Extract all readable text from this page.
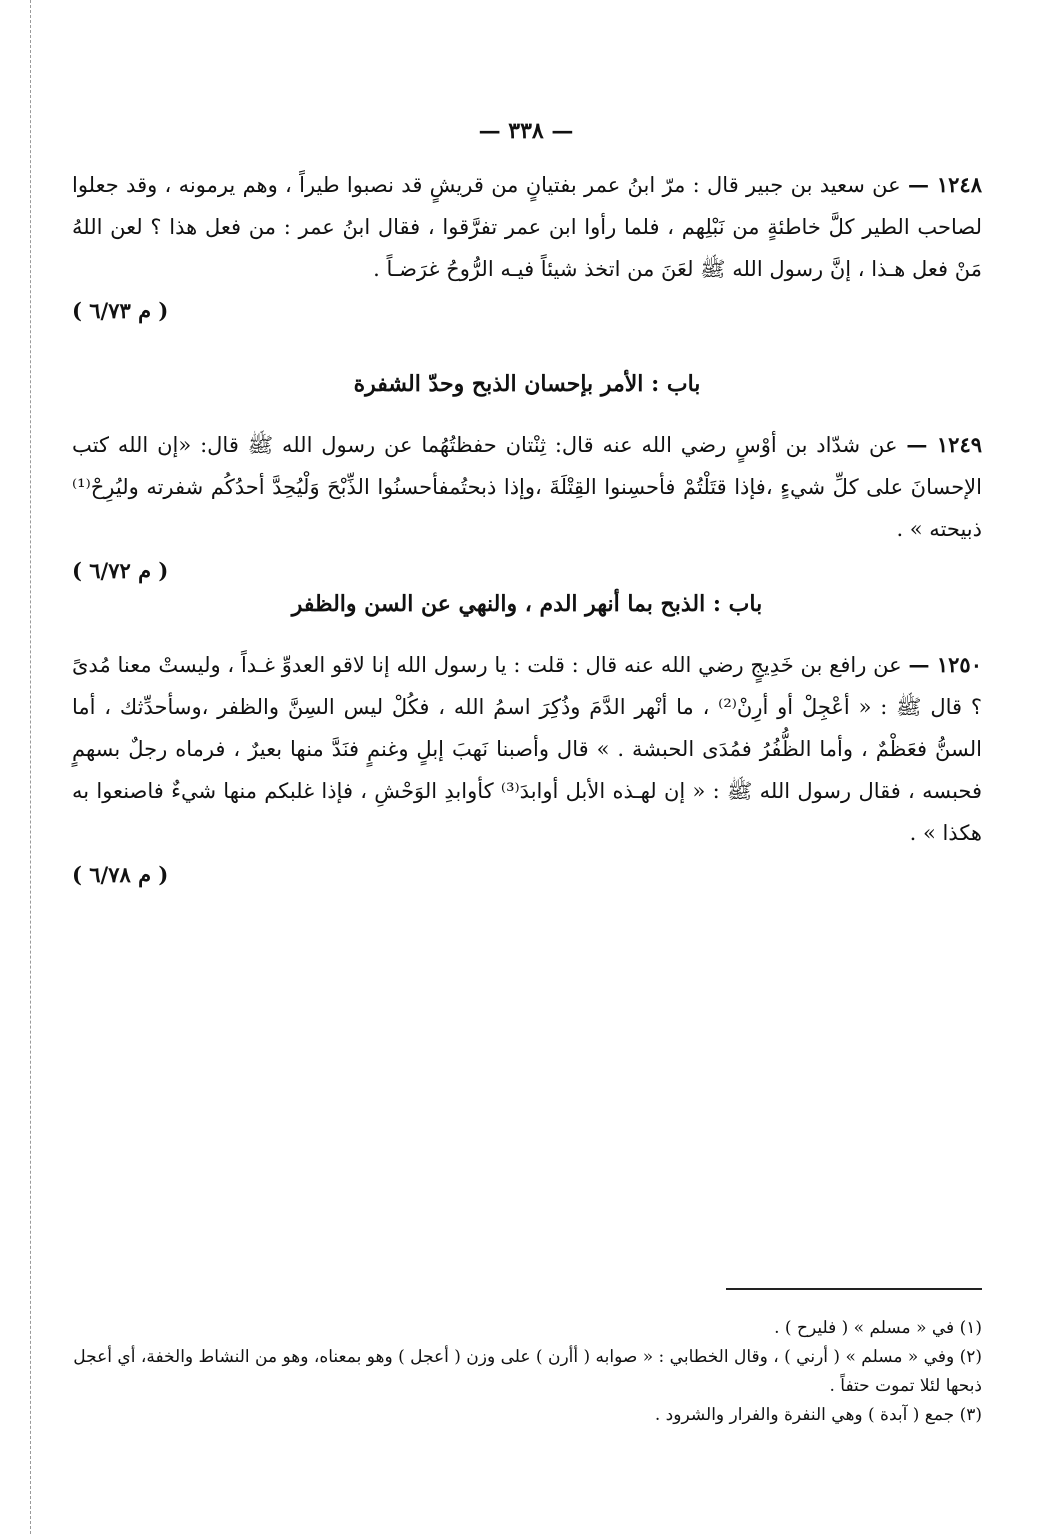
— ٣٣٨ —
١٢٤٨ — عن سعيد بن جبير قال : مرّ ابنُ عمر بفتيانٍ من قريشٍ قد نصبوا طيراً ، وهم يرمونه ، وقد جعلوا لصاحب الطير كلَّ خاطئةٍ من نَبْلِهم ، فلما رأوا ابن عمر تفرَّقوا ، فقال ابنُ عمر : من فعل هذا ؟ لعن اللهُ مَنْ فعل هـذا ، إنَّ رسول الله ﷺ لعَنَ من اتخذ شيئاً فيـه الرُّوحُ غرَضـاً .

( م ٦/٧٣ )
باب : الأمر بإحسان الذبح وحدّ الشفرة
١٢٤٩ — عن شدّاد بن أوْسٍ رضي الله عنه قال: ثِنْتان حفظتُهُما عن رسول الله ﷺ قال: «إن الله كتب الإحسانَ على كلِّ شيءٍ ،فإذا قتَلْتُمْ فأحسِنوا القِتْلَةَ ،وإذا ذبحتُمفأحسنُوا الذِّبْحَ وَلْيُحِدَّ أحدُكُم شفرته وليُرِحْ⁽¹⁾ ذبيحته » .

( م ٦/٧٢ )
باب : الذبح بما أنهر الدم ، والنهي عن السن والظفر
١٢٥٠ — عن رافع بن خَدِيجٍ رضي الله عنه قال : قلت : يا رسول الله إنا لاقو العدوِّ غـداً ، وليستْ معنا مُدىً ؟ قال ﷺ : « أعْجِلْ أو أرِنْ⁽²⁾ ، ما أنْهر الدَّمَ وذُكِرَ اسمُ الله ، فكُلْ ليس السِنَّ والظفر ،وسأحدِّثك ، أما السنُّ فعَظْمٌ ، وأما الظُّفُرُ فمُدَى الحبشة . » قال وأصبنا نَهبَ إبلٍ وغنمٍ فنَدَّ منها بعيرٌ ، فرماه رجلٌ بسهمٍ فحبسه ، فقال رسول الله ﷺ : « إن لهـذه الأبل أوابدَ⁽³⁾ كأوابدِ الوَحْشِ ، فإذا غلبكم منها شيءٌ فاصنعوا به هكذا » .

( م ٦/٧٨ )

(١) في « مسلم » ( فليرح ) .

(٢) وفي « مسلم » ( أرني ) ، وقال الخطابي : « صوابه ( أأرن ) على وزن ( أعجل ) وهو بمعناه، وهو من النشاط والخفة، أي أعجل ذبحها لئلا تموت حتفاً .

(٣) جمع ( آبدة ) وهي النفرة والفرار والشرود .
